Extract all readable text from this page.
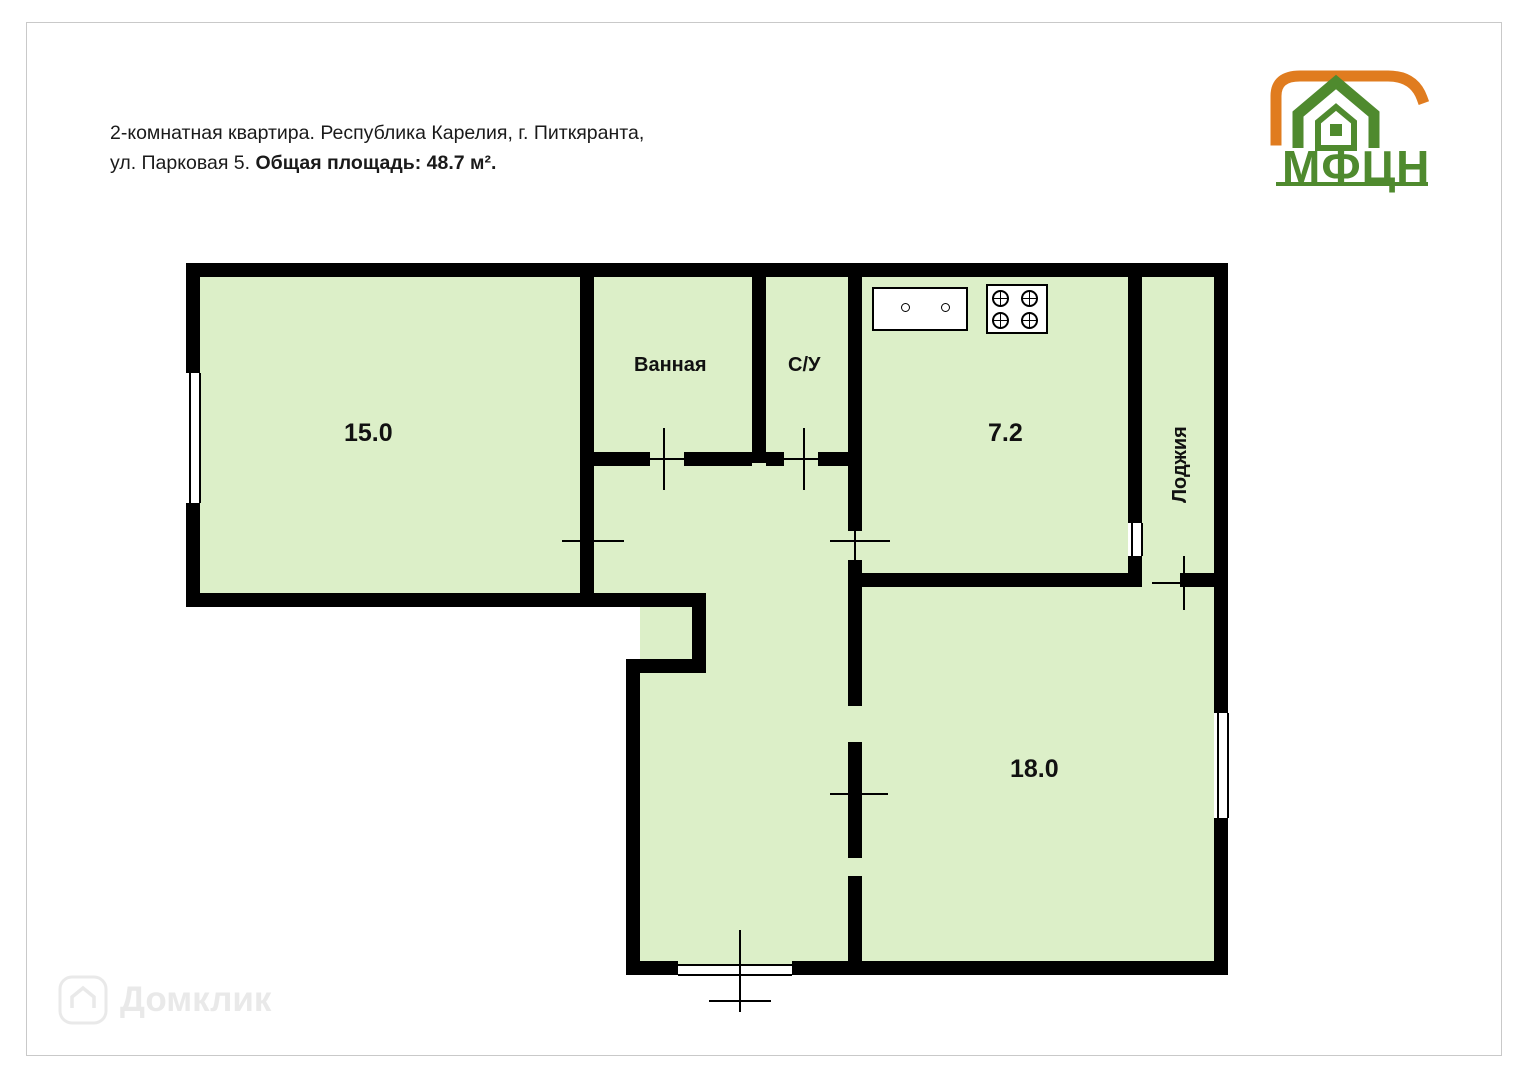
2-комнатная квартира. Республика Карелия, г. Питкяранта,
ул. Парковая 5. Общая площадь: 48.7 м².	МФЦН
15.0
Ванная	С/У
7.2	Лоджия
18.0
Домклик
